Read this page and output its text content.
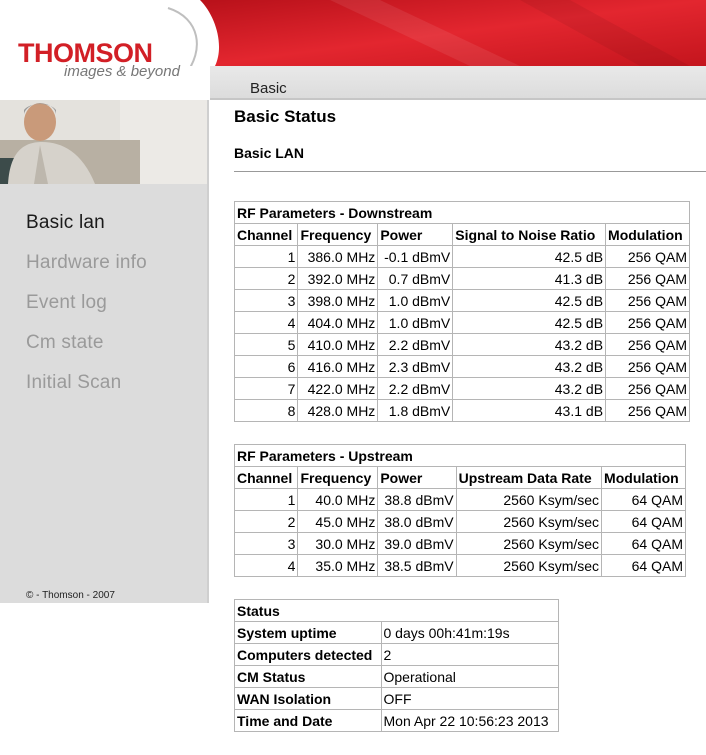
THOMSON
images & beyond
Basic
Basic lan
Hardware info
Event log
Cm state
Initial Scan
© - Thomson - 2007
Basic Status
Basic LAN
RF Parameters - Downstream				
Channel	Frequency	Power	Signal to Noise Ratio	Modulation
1	386.0 MHz	-0.1 dBmV	42.5 dB	256 QAM
2	392.0 MHz	0.7 dBmV	41.3 dB	256 QAM
3	398.0 MHz	1.0 dBmV	42.5 dB	256 QAM
4	404.0 MHz	1.0 dBmV	42.5 dB	256 QAM
5	410.0 MHz	2.2 dBmV	43.2 dB	256 QAM
6	416.0 MHz	2.3 dBmV	43.2 dB	256 QAM
7	422.0 MHz	2.2 dBmV	43.2 dB	256 QAM
8	428.0 MHz	1.8 dBmV	43.1 dB	256 QAM
RF Parameters - Upstream				
Channel	Frequency	Power	Upstream Data Rate	Modulation
1	40.0 MHz	38.8 dBmV	2560 Ksym/sec	64 QAM
2	45.0 MHz	38.0 dBmV	2560 Ksym/sec	64 QAM
3	30.0 MHz	39.0 dBmV	2560 Ksym/sec	64 QAM
4	35.0 MHz	38.5 dBmV	2560 Ksym/sec	64 QAM
Status	
System uptime	0 days 00h:41m:19s
Computers detected	2
CM Status	Operational
WAN Isolation	OFF
Time and Date	Mon Apr 22 10:56:23 2013
